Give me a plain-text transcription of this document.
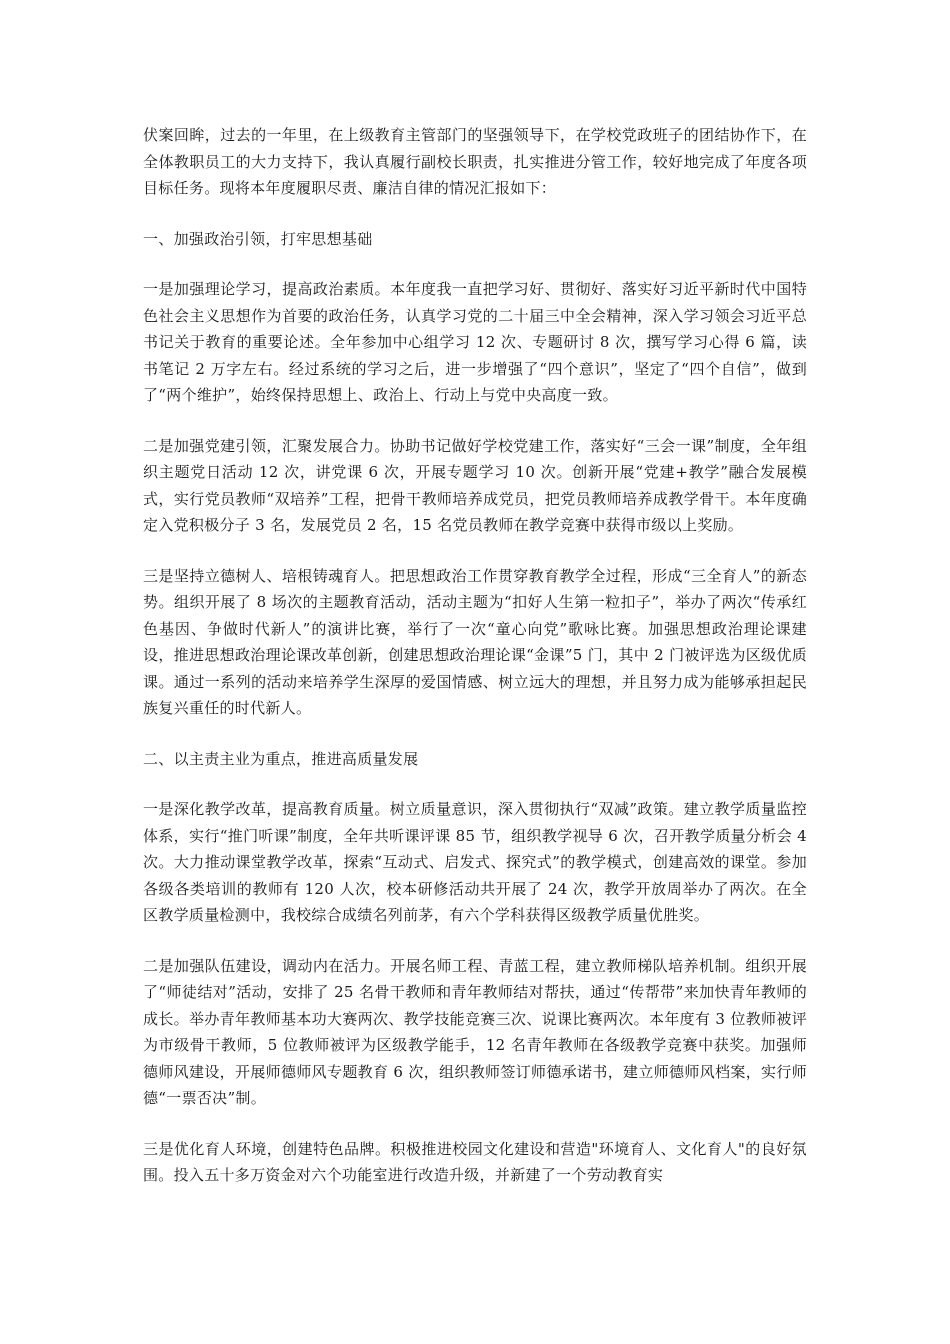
伏案回眸，过去的一年里，在上级教育主管部门的坚强领导下，在学校党政班子的团结协作下，在全体教职员工的大力支持下，我认真履行副校长职责，扎实推进分管工作，较好地完成了年度各项目标任务。现将本年度履职尽责、廉洁自律的情况汇报如下：

一、加强政治引领，打牢思想基础

一是加强理论学习，提高政治素质。本年度我一直把学习好、贯彻好、落实好习近平新时代中国特色社会主义思想作为首要的政治任务，认真学习党的二十届三中全会精神，深入学习领会习近平总书记关于教育的重要论述。全年参加中心组学习 12 次、专题研讨 8 次，撰写学习心得 6 篇，读书笔记 2 万字左右。经过系统的学习之后，进一步增强了“四个意识”，坚定了“四个自信”，做到了“两个维护”，始终保持思想上、政治上、行动上与党中央高度一致。

二是加强党建引领，汇聚发展合力。协助书记做好学校党建工作，落实好“三会一课”制度，全年组织主题党日活动 12 次，讲党课 6 次，开展专题学习 10 次。创新开展“党建+教学”融合发展模式，实行党员教师“双培养”工程，把骨干教师培养成党员，把党员教师培养成教学骨干。本年度确定入党积极分子 3 名，发展党员 2 名，15 名党员教师在教学竞赛中获得市级以上奖励。

三是坚持立德树人、培根铸魂育人。把思想政治工作贯穿教育教学全过程，形成“三全育人”的新态势。组织开展了 8 场次的主题教育活动，活动主题为“扣好人生第一粒扣子”，举办了两次“传承红色基因、争做时代新人”的演讲比赛，举行了一次“童心向党”歌咏比赛。加强思想政治理论课建设，推进思想政治理论课改革创新，创建思想政治理论课“金课”5 门，其中 2 门被评选为区级优质课。通过一系列的活动来培养学生深厚的爱国情感、树立远大的理想，并且努力成为能够承担起民族复兴重任的时代新人。

二、以主责主业为重点，推进高质量发展

一是深化教学改革，提高教育质量。树立质量意识，深入贯彻执行“双减”政策。建立教学质量监控体系，实行“推门听课”制度，全年共听课评课 85 节，组织教学视导 6 次，召开教学质量分析会 4 次。大力推动课堂教学改革，探索“互动式、启发式、探究式”的教学模式，创建高效的课堂。参加各级各类培训的教师有 120 人次，校本研修活动共开展了 24 次，教学开放周举办了两次。在全区教学质量检测中，我校综合成绩名列前茅，有六个学科获得区级教学质量优胜奖。

二是加强队伍建设，调动内在活力。开展名师工程、青蓝工程，建立教师梯队培养机制。组织开展了“师徒结对”活动，安排了 25 名骨干教师和青年教师结对帮扶，通过“传帮带”来加快青年教师的成长。举办青年教师基本功大赛两次、教学技能竞赛三次、说课比赛两次。本年度有 3 位教师被评为市级骨干教师，5 位教师被评为区级教学能手，12 名青年教师在各级教学竞赛中获奖。加强师德师风建设，开展师德师风专题教育 6 次，组织教师签订师德承诺书，建立师德师风档案，实行师德“一票否决”制。

三是优化育人环境，创建特色品牌。积极推进校园文化建设和营造"环境育人、文化育人"的良好氛围。投入五十多万资金对六个功能室进行改造升级，并新建了一个劳动教育实
